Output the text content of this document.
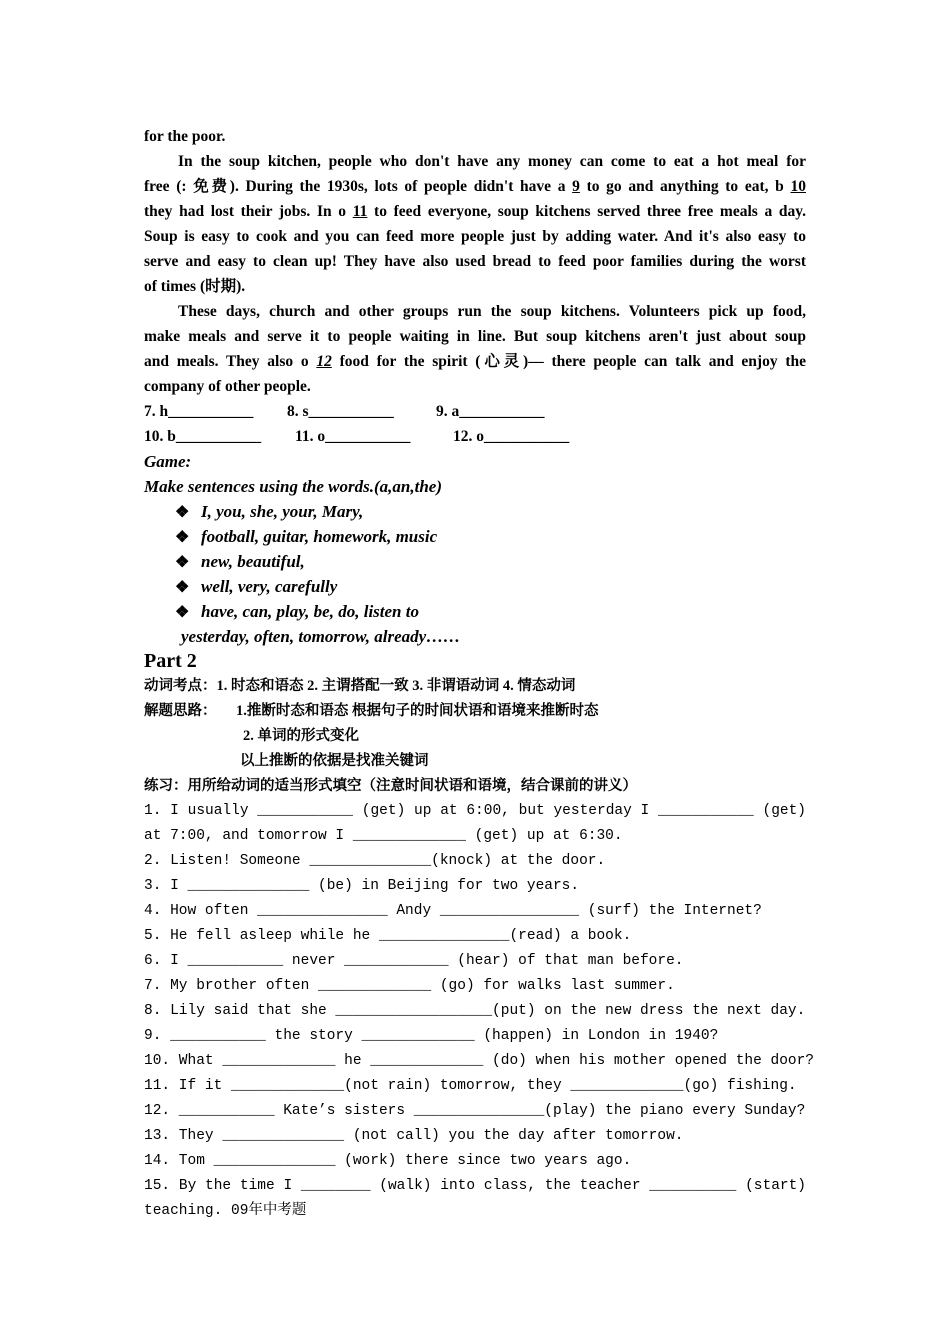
for the poor.
In the soup kitchen, people who don't have any money can come to eat a hot meal for
free (: 免费). During the 1930s, lots of people didn't have a 9 to go and anything to eat, b 10
they had lost their jobs. In o 11 to feed everyone, soup kitchens served three free meals a day.
Soup is easy to cook and you can feed more people just by adding water. And it's also easy to
serve and easy to clean up! They have also used bread to feed poor families during the worst
of times (时期).
These days, church and other groups run the soup kitchens. Volunteers pick up food,
make meals and serve it to people waiting in line. But soup kitchens aren't just about soup
and meals. They also o 12 food for the spirit (心灵)— there people can talk and enjoy the
company of other people.
7. h___________ 8. s___________	9. a___________
10. b___________ 11. o___________	12. o___________
Game:
Make sentences using the words.(a,an,the)
❖ I, you, she, your, Mary,
❖ football, guitar, homework, music
❖ new, beautiful,
❖ well, very, carefully
❖ have, can, play, be, do, listen to
yesterday, often, tomorrow, already……
Part 2
动词考点：1. 时态和语态 2. 主谓搭配一致 3. 非谓语动词 4. 情态动词
解题思路： 1.推断时态和语态 根据句子的时间状语和语境来推断时态
2. 单词的形式变化
以上推断的依据是找准关键词
练习：用所给动词的适当形式填空（注意时间状语和语境，结合课前的讲义）
1. I usually ___________ (get) up at 6:00, but yesterday I ___________ (get)
at 7:00, and tomorrow I _____________ (get) up at 6:30.
2. Listen! Someone ______________(knock) at the door.
3. I ______________ (be) in Beijing for two years.
4. How often _______________ Andy ________________ (surf) the Internet?
5. He fell asleep while he _______________(read) a book.
6. I ___________ never ____________ (hear) of that man before.
7. My brother often _____________ (go) for walks last summer.
8. Lily said that she __________________(put) on the new dress the next day.
9. ___________ the story _____________ (happen) in London in 1940?
10. What _____________ he _____________ (do) when his mother opened the door?
11. If it _____________(not rain) tomorrow, they _____________(go) fishing.
12. ___________ Kate’s sisters _______________(play) the piano every Sunday?
13. They ______________ (not call) you the day after tomorrow.
14. Tom ______________ (work) there since two years ago.
15. By the time I ________ (walk) into class, the teacher __________ (start)
teaching. 09年中考题
